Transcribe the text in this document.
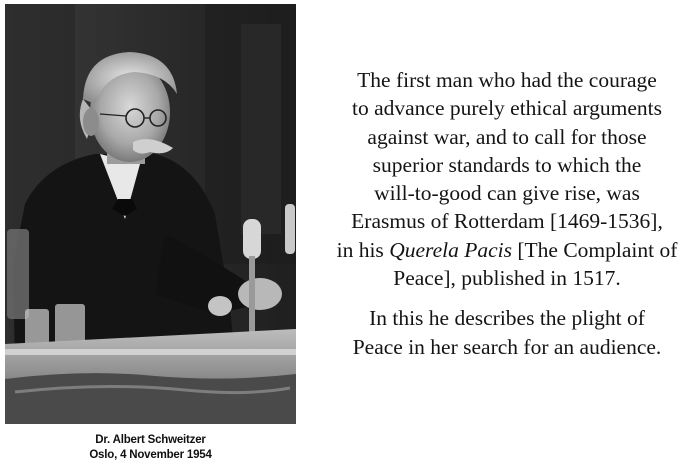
Dr. Albert Schweitzer
Oslo, 4 November 1954

The first man who had the courage
to advance purely ethical arguments
against war, and to call for those
superior standards to which the
will-to-good can give rise, was
Erasmus of Rotterdam [1469-1536],
in his Querela Pacis [The Complaint of
Peace], published in 1517.

In this he describes the plight of
Peace in her search for an audience.
